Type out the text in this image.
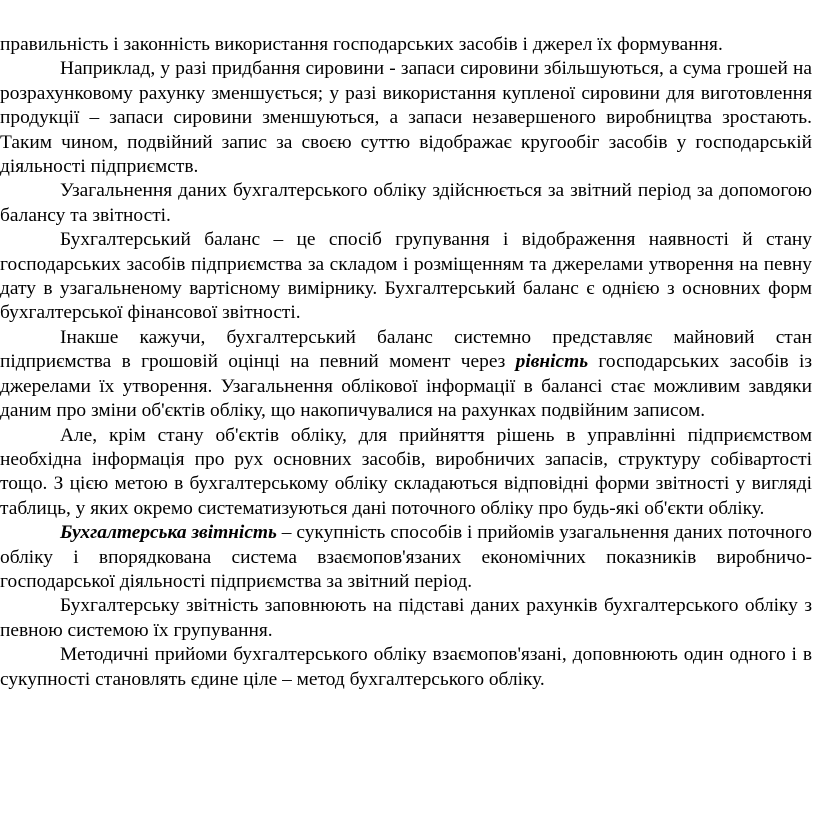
правильність і законність використання господарських засобів і джерел їх формування.

Наприклад, у разі придбання сировини - запаси сировини збільшуються, а сума грошей на розрахунковому рахунку зменшується; у разі використання купленої сировини для виготовлення продукції – запаси сировини зменшуються, а запаси незавершеного виробництва зростають. Таким чином, подвійний запис за своєю суттю відображає кругообіг засобів у господарській діяльності підприємств.

Узагальнення даних бухгалтерського обліку здійснюється за звітний період за допомогою балансу та звітності.

Бухгалтерський баланс – це спосіб групування і відображення наявності й стану господарських засобів підприємства за складом і розміщенням та джерелами утворення на певну дату в узагальненому вартісному вимірнику. Бухгалтерський баланс є однією з основних форм бухгалтерської фінансової звітності.

Інакше кажучи, бухгалтерський баланс системно представляє майновий стан підприємства в грошовій оцінці на певний момент через рівність господарських засобів із джерелами їх утворення. Узагальнення облікової інформації в балансі стає можливим завдяки даним про зміни об'єктів обліку, що накопичувалися на рахунках подвійним записом.

Але, крім стану об'єктів обліку, для прийняття рішень в управлінні підприємством необхідна інформація про рух основних засобів, виробничих запасів, структуру собівартості тощо. З цією метою в бухгалтерському обліку складаються відповідні форми звітності у вигляді таблиць, у яких окремо систематизуються дані поточного обліку про будь-які об'єкти обліку.

Бухгалтерська звітність – сукупність способів і прийомів узагальнення даних поточного обліку і впорядкована система взаємопов'язаних економічних показників виробничо-господарської діяльності підприємства за звітний період.

Бухгалтерську звітність заповнюють на підставі даних рахунків бухгалтерського обліку з певною системою їх групування.

Методичні прийоми бухгалтерського обліку взаємопов'язані, доповнюють один одного і в сукупності становлять єдине ціле – метод бухгалтерського обліку.
